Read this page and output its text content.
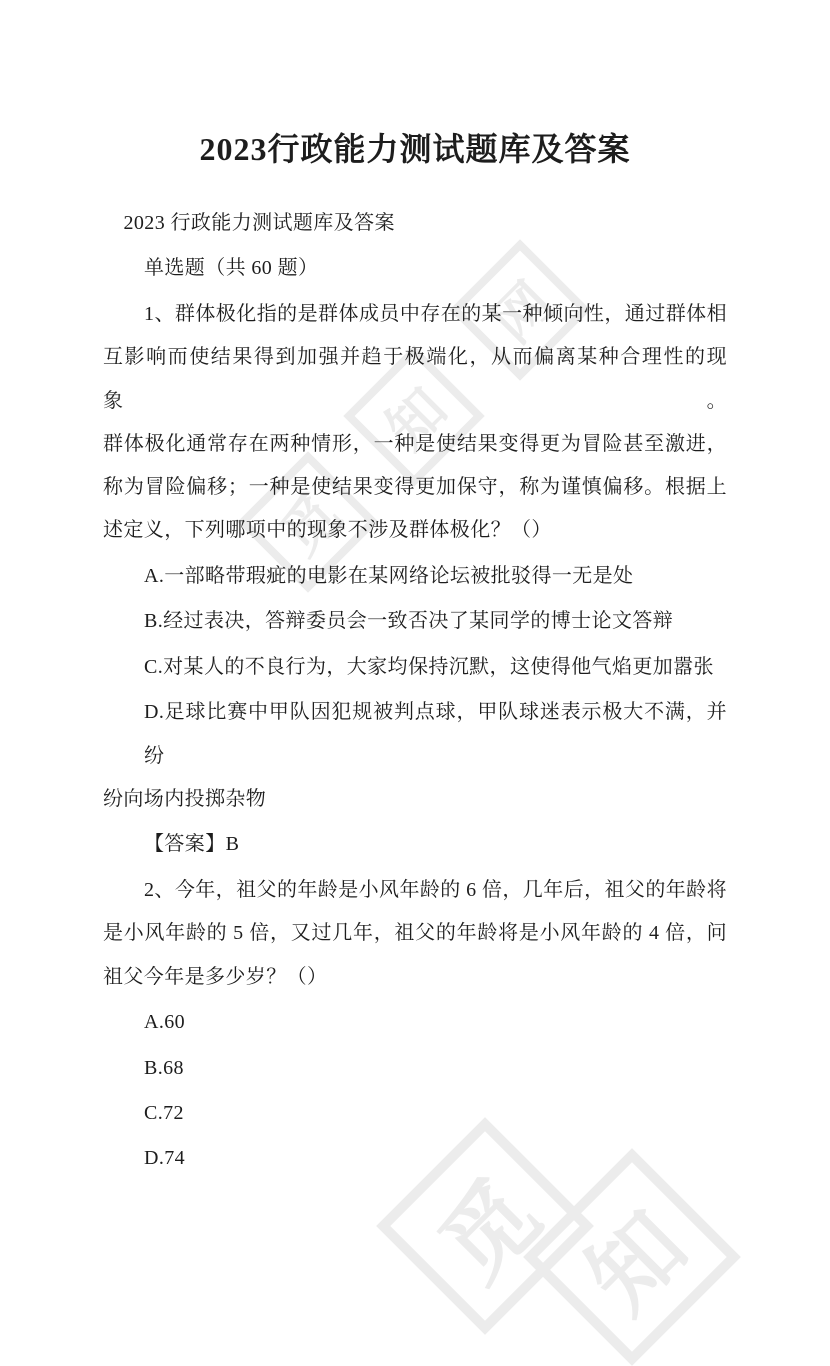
觅
知
网
觅 知
2023行政能力测试题库及答案
2023 行政能力测试题库及答案
单选题（共 60 题）
1、群体极化指的是群体成员中存在的某一种倾向性，通过群体相
互影响而使结果得到加强并趋于极端化，从而偏离某种合理性的现象。
群体极化通常存在两种情形，一种是使结果变得更为冒险甚至激进，
称为冒险偏移；一种是使结果变得更加保守，称为谨慎偏移。根据上
述定义，下列哪项中的现象不涉及群体极化？（）
A.一部略带瑕疵的电影在某网络论坛被批驳得一无是处
B.经过表决，答辩委员会一致否决了某同学的博士论文答辩
C.对某人的不良行为，大家均保持沉默，这使得他气焰更加嚣张
D.足球比赛中甲队因犯规被判点球，甲队球迷表示极大不满，并纷
纷向场内投掷杂物
【答案】B
2、今年，祖父的年龄是小风年龄的 6 倍，几年后，祖父的年龄将
是小风年龄的 5 倍，又过几年，祖父的年龄将是小风年龄的 4 倍，问
祖父今年是多少岁？（）
A.60
B.68
C.72
D.74
